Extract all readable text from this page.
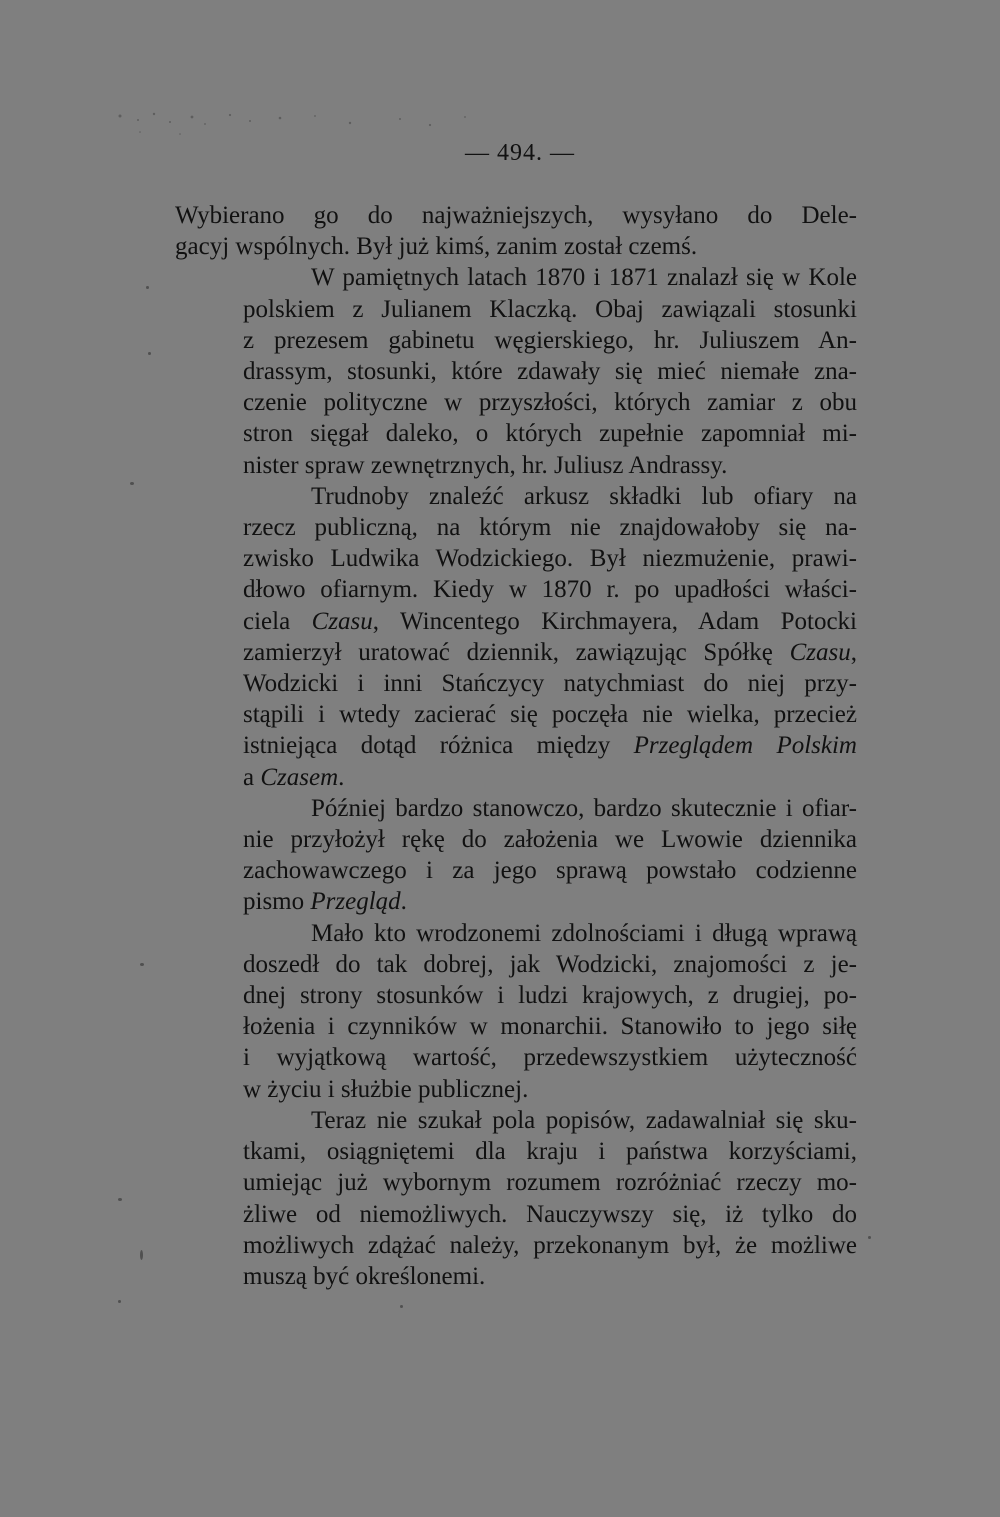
— 494. —
Wybierano go do najważniejszych, wysyłano do Dele-
gacyj wspólnych. Był już kimś, zanim został czemś.
W pamiętnych latach 1870 i 1871 znalazł się w Kole
polskiem z Julianem Klaczką. Obaj zawiązali stosunki
z prezesem gabinetu węgierskiego, hr. Juliuszem An-
drassym, stosunki, które zdawały się mieć niemałe zna-
czenie polityczne w przyszłości, których zamiar z obu
stron sięgał daleko, o których zupełnie zapomniał mi-
nister spraw zewnętrznych, hr. Juliusz Andrassy.
Trudnoby znaleźć arkusz składki lub ofiary na
rzecz publiczną, na którym nie znajdowałoby się na-
zwisko Ludwika Wodzickiego. Był niezmużenie, prawi-
dłowo ofiarnym. Kiedy w 1870 r. po upadłości właści-
ciela Czasu, Wincentego Kirchmayera, Adam Potocki
zamierzył uratować dziennik, zawiązując Spółkę Czasu,
Wodzicki i inni Stańczycy natychmiast do niej przy-
stąpili i wtedy zacierać się poczęła nie wielka, przecież
istniejąca dotąd różnica między Przeglądem Polskim
a Czasem.
Później bardzo stanowczo, bardzo skutecznie i ofiar-
nie przyłożył rękę do założenia we Lwowie dziennika
zachowawczego i za jego sprawą powstało codzienne
pismo Przegląd.
Mało kto wrodzonemi zdolnościami i długą wprawą
doszedł do tak dobrej, jak Wodzicki, znajomości z je-
dnej strony stosunków i ludzi krajowych, z drugiej, po-
łożenia i czynników w monarchii. Stanowiło to jego siłę
i wyjątkową wartość, przedewszystkiem użyteczność
w życiu i służbie publicznej.
Teraz nie szukał pola popisów, zadawalniał się sku-
tkami, osiągniętemi dla kraju i państwa korzyściami,
umiejąc już wybornym rozumem rozróżniać rzeczy mo-
żliwe od niemożliwych. Nauczywszy się, iż tylko do
możliwych zdążać należy, przekonanym był, że możliwe
muszą być określonemi.
